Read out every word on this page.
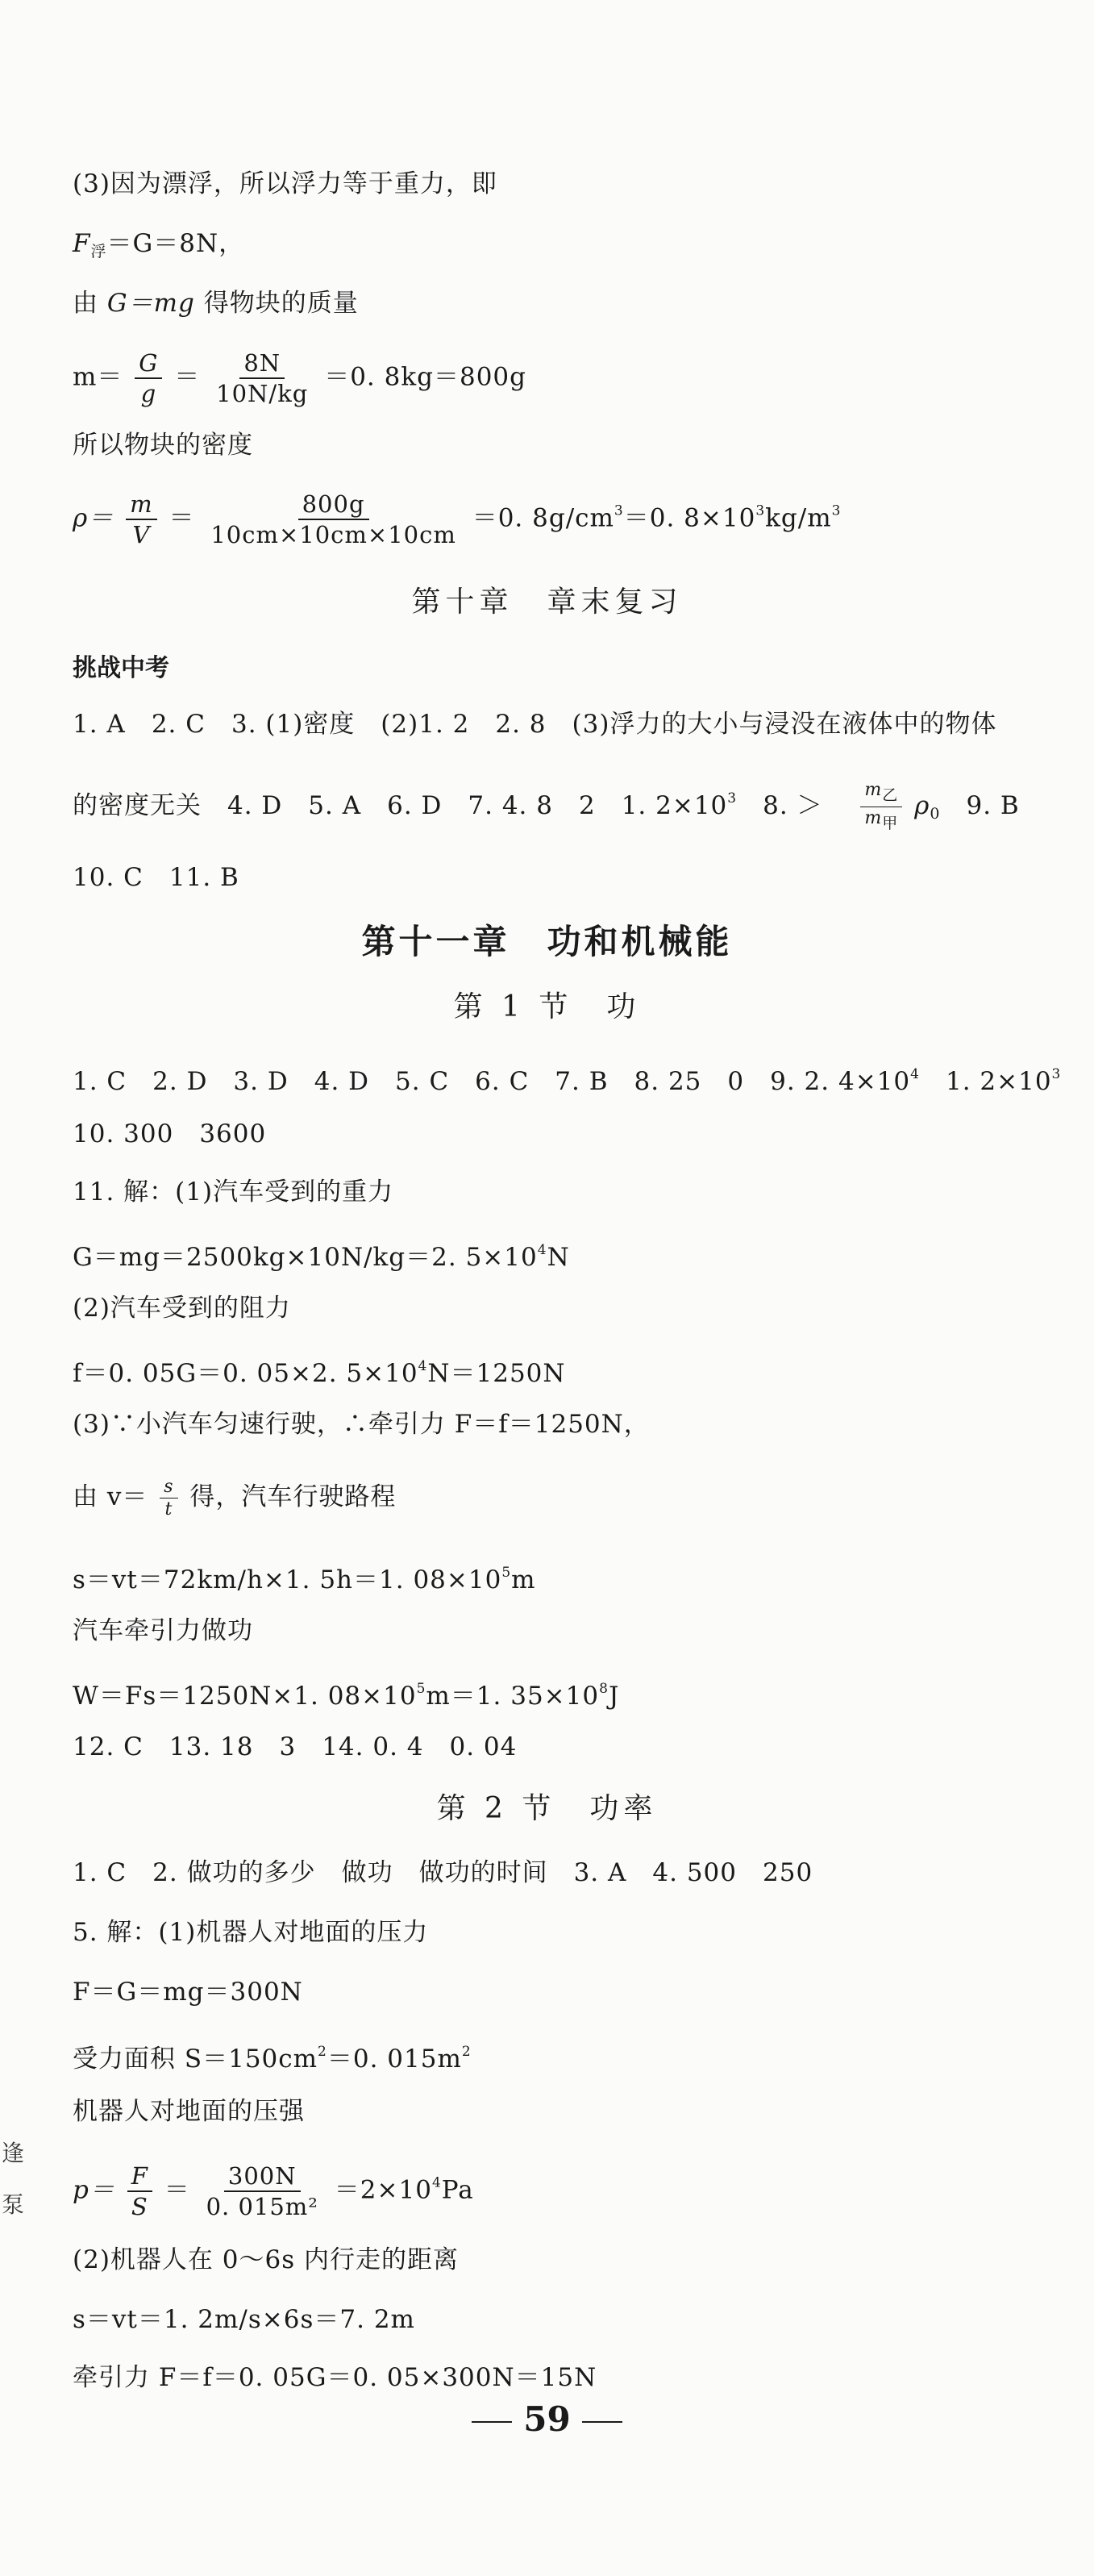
(3)因为漂浮，所以浮力等于重力，即
$F_浮=G=8N$，
由 G＝mg 得物块的质量
$m= \frac{G}{g} = \frac{8N}{10N/kg} =0$. 8kg＝800g
所以物块的密度
$\rho= \frac{m}{V} = \frac{800g}{10cm\times 10cm\times 10cm} =0$. $8g/cm^3=0$. $8\times 10^3kg/m^3$
第十章　章末复习
挑战中考
1. A　2. C　3. (1)密度　(2)1. 2　2. 8　(3)浮力的大小与浸没在液体中的物体
的密度无关　4. D　5. A　6. D　7. 4. 8　2　1. $2\times 10^3$　8. ＞　 $\frac{m_乙}{m_甲} \rho_0$　9. B
10. C　11. B
第十一章　功和机械能
第 1 节　功
1. C　2. D　3. D　4. D　5. C　6. C　7. B　8. 25　0　9. 2. $4\times 10^4$　1. $2\times 10^3$
10. 300　3600
11. 解：(1)汽车受到的重力
G＝mg＝2500kg×10N/kg＝2. $5\times 10^4N$
(2)汽车受到的阻力
f＝0. 05G＝0. 05×2. $5\times 10^4N=1250N$
(3)∵小汽车匀速行驶，∴牵引力 F＝f＝1250N，
由 $v= \frac{s}{t}$ 得，汽车行驶路程
s＝vt＝72km/h×1. 5h＝1. $08\times 10^5m$
汽车牵引力做功
W＝Fs＝1250N×1. $08\times 10^5m=1$. $35\times 10^8J$
12. C　13. 18　3　14. 0. 4　0. 04
第 2 节　功率
1. C　2. 做功的多少　做功　做功的时间　3. A　4. 500　250
5. 解：(1)机器人对地面的压力
F＝G＝mg＝300N
受力面积 $S=150cm^2=0$. $015m^2$
机器人对地面的压强
$p= \frac{F}{S} = \frac{300N}{\text{0. 015m²}} =2\times 10^4Pa$
(2)机器人在 0～6s 内行走的距离
s＝vt＝1. 2m/s×6s＝7. 2m
牵引力 F＝f＝0. 05G＝0. 05×300N＝15N
59
逢
泵
